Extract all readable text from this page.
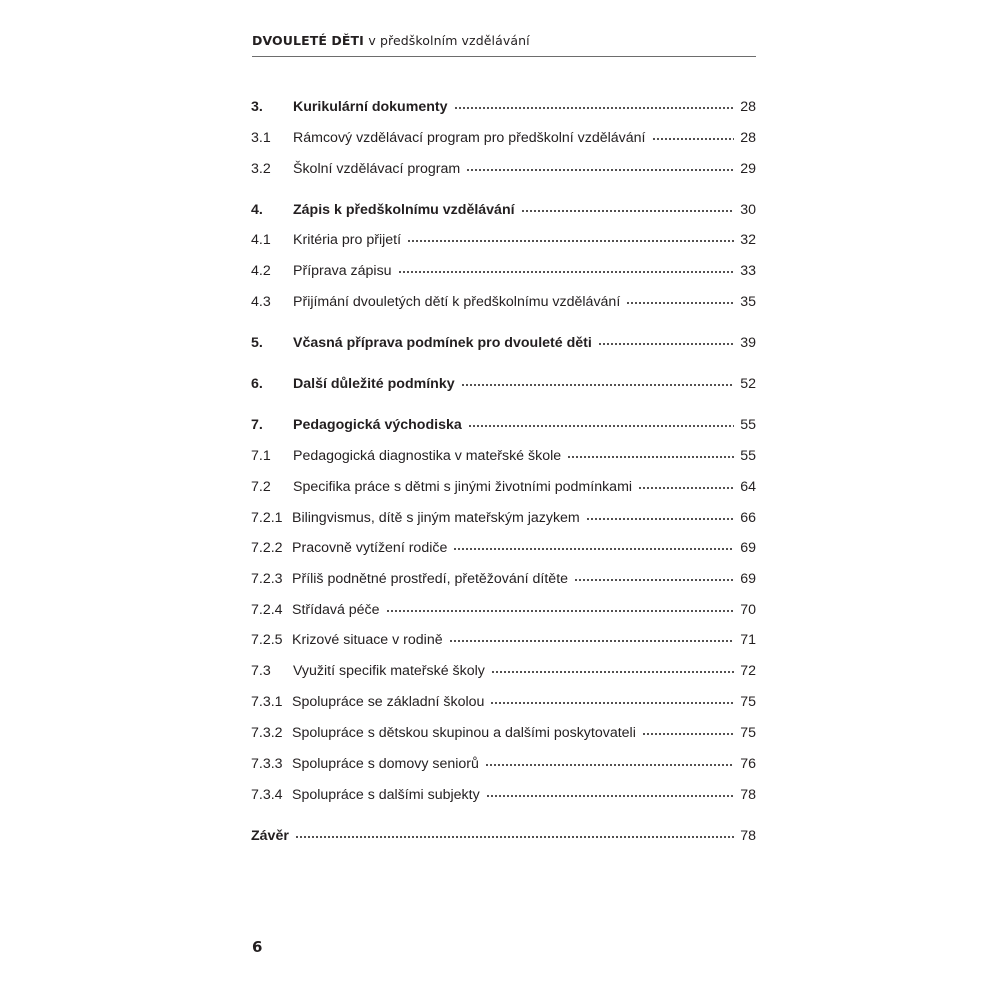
DVOULETÉ DĚTI v předškolním vzdělávání
3.	Kurikulární dokumenty	28
3.1	Rámcový vzdělávací program pro předškolní vzdělávání	28
3.2	Školní vzdělávací program	29
4.	Zápis k předškolnímu vzdělávání	30
4.1	Kritéria pro přijetí	32
4.2	Příprava zápisu	33
4.3	Přijímání dvouletých dětí k předškolnímu vzdělávání	35
5.	Včasná příprava podmínek pro dvouleté děti	39
6.	Další důležité podmínky	52
7.	Pedagogická východiska	55
7.1	Pedagogická diagnostika v mateřské škole	55
7.2	Specifika práce s dětmi s jinými životními podmínkami	64
7.2.1 Bilingvismus, dítě s jiným mateřským jazykem	66
7.2.2 Pracovně vytížení rodiče	69
7.2.3 Příliš podnětné prostředí, přetěžování dítěte	69
7.2.4 Střídavá péče	70
7.2.5 Krizové situace v rodině	71
7.3	Využití specifik mateřské školy	72
7.3.1 Spolupráce se základní školou	75
7.3.2 Spolupráce s dětskou skupinou a dalšími poskytovateli	75
7.3.3 Spolupráce s domovy seniorů	76
7.3.4 Spolupráce s dalšími subjekty	78
Závěr	78
6
